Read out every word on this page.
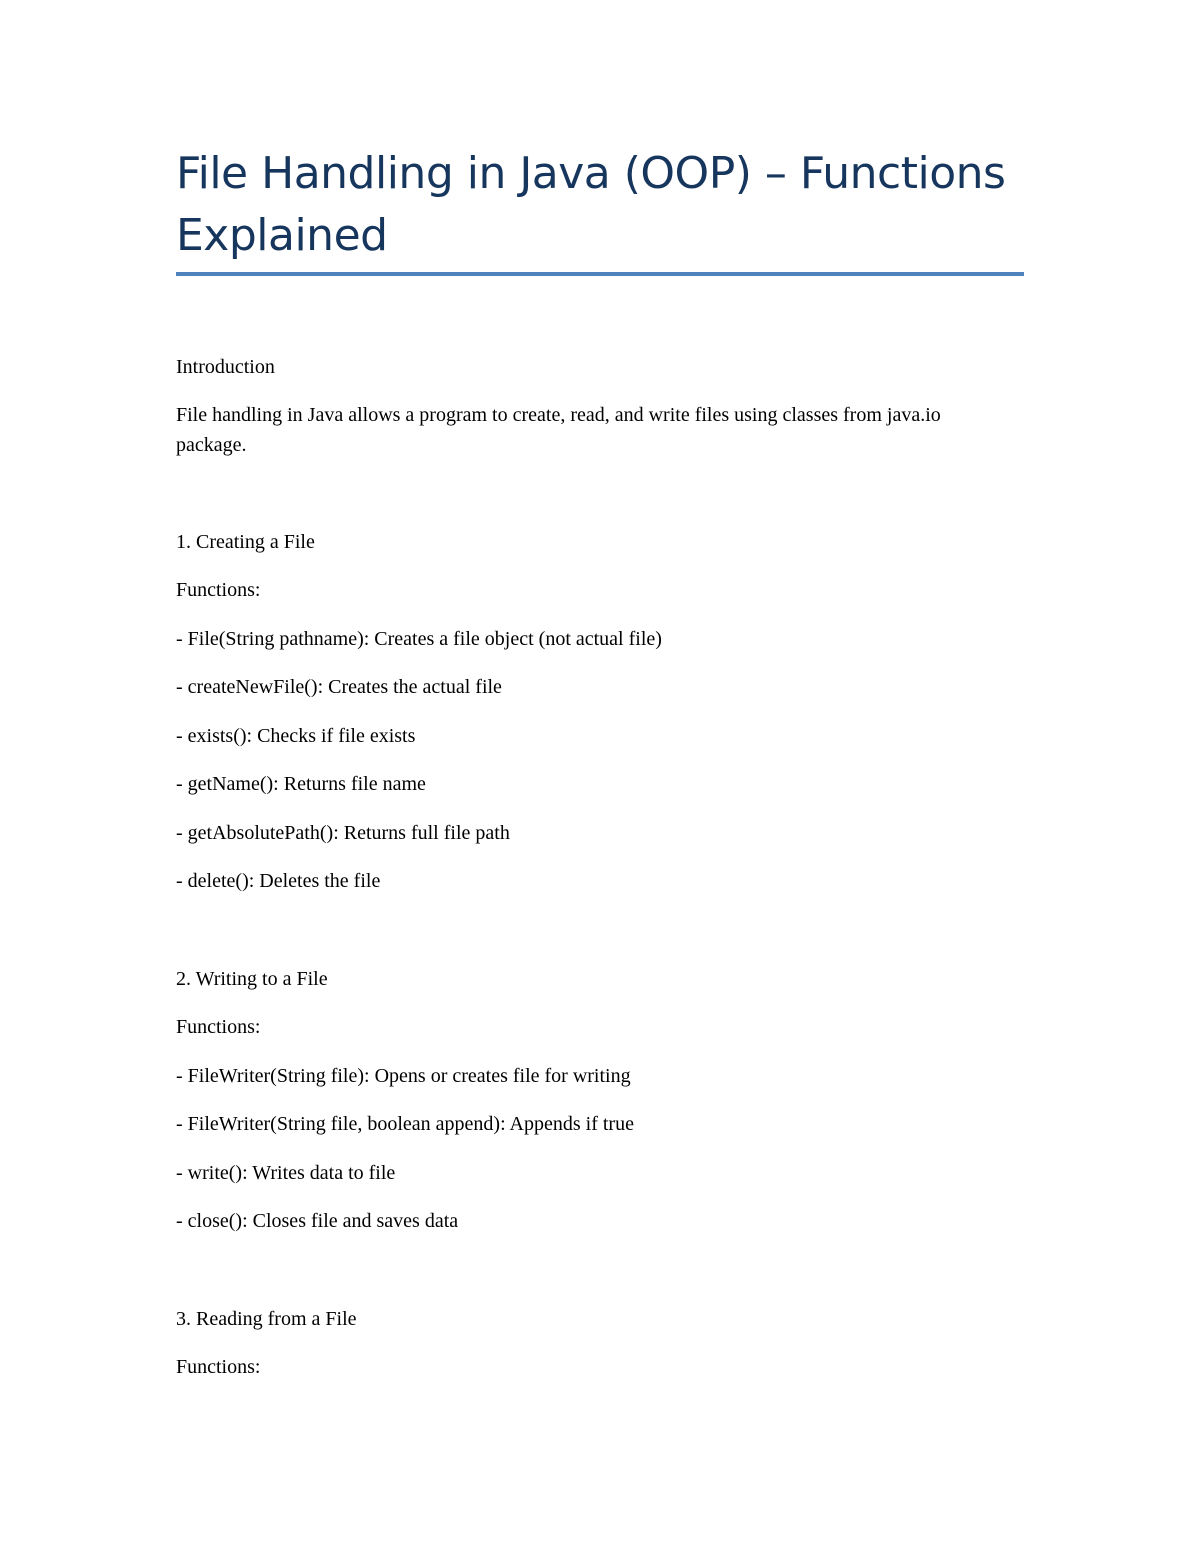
File Handling in Java (OOP) – Functions Explained

Introduction

File handling in Java allows a program to create, read, and write files using classes from java.io package.

1. Creating a File

Functions:

- File(String pathname): Creates a file object (not actual file)

- createNewFile(): Creates the actual file

- exists(): Checks if file exists

- getName(): Returns file name

- getAbsolutePath(): Returns full file path

- delete(): Deletes the file

2. Writing to a File

Functions:

- FileWriter(String file): Opens or creates file for writing

- FileWriter(String file, boolean append): Appends if true

- write(): Writes data to file

- close(): Closes file and saves data

3. Reading from a File

Functions:
